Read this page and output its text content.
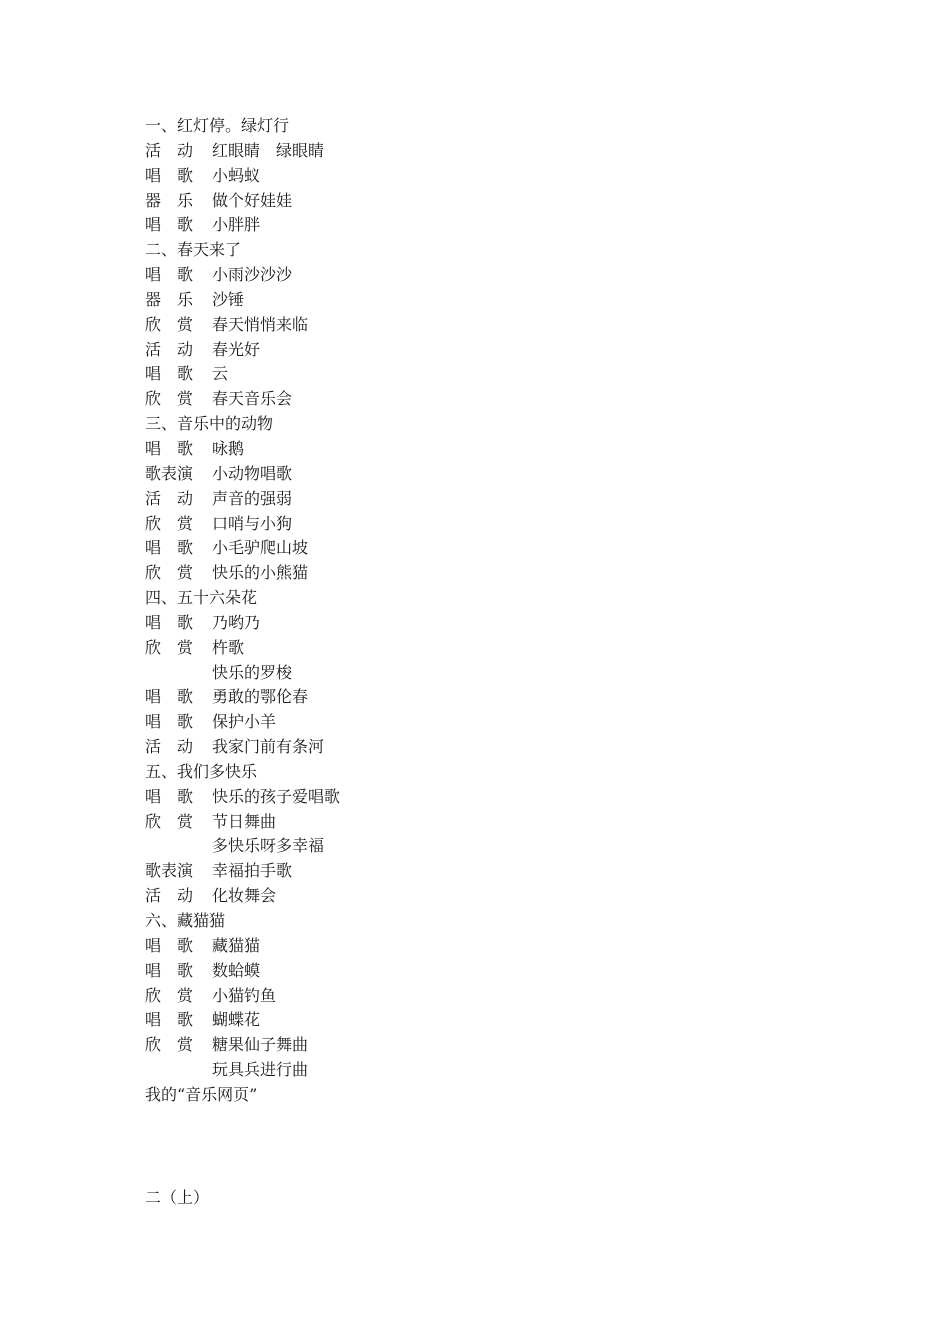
一、红灯停。绿灯行
活　动 红眼睛　绿眼睛
唱　歌 小蚂蚁
器　乐 做个好娃娃
唱　歌 小胖胖
二、春天来了
唱　歌 小雨沙沙沙
器　乐 沙锤
欣　赏 春天悄悄来临
活　动 春光好
唱　歌 云
欣　赏 春天音乐会
三、音乐中的动物
唱　歌 咏鹅
歌表演 小动物唱歌
活　动 声音的强弱
欣　赏 口哨与小狗
唱　歌 小毛驴爬山坡
欣　赏 快乐的小熊猫
四、五十六朵花
唱　歌 乃哟乃
欣　赏 杵歌
快乐的罗梭
唱　歌 勇敢的鄂伦春
唱　歌 保护小羊
活　动 我家门前有条河
五、我们多快乐
唱　歌 快乐的孩子爱唱歌
欣　赏 节日舞曲
多快乐呀多幸福
歌表演 幸福拍手歌
活　动 化妆舞会
六、藏猫猫
唱　歌 藏猫猫
唱　歌 数蛤蟆
欣　赏 小猫钓鱼
唱　歌 蝴蝶花
欣　赏 糖果仙子舞曲
玩具兵进行曲
我的“音乐网页”
二（上）
